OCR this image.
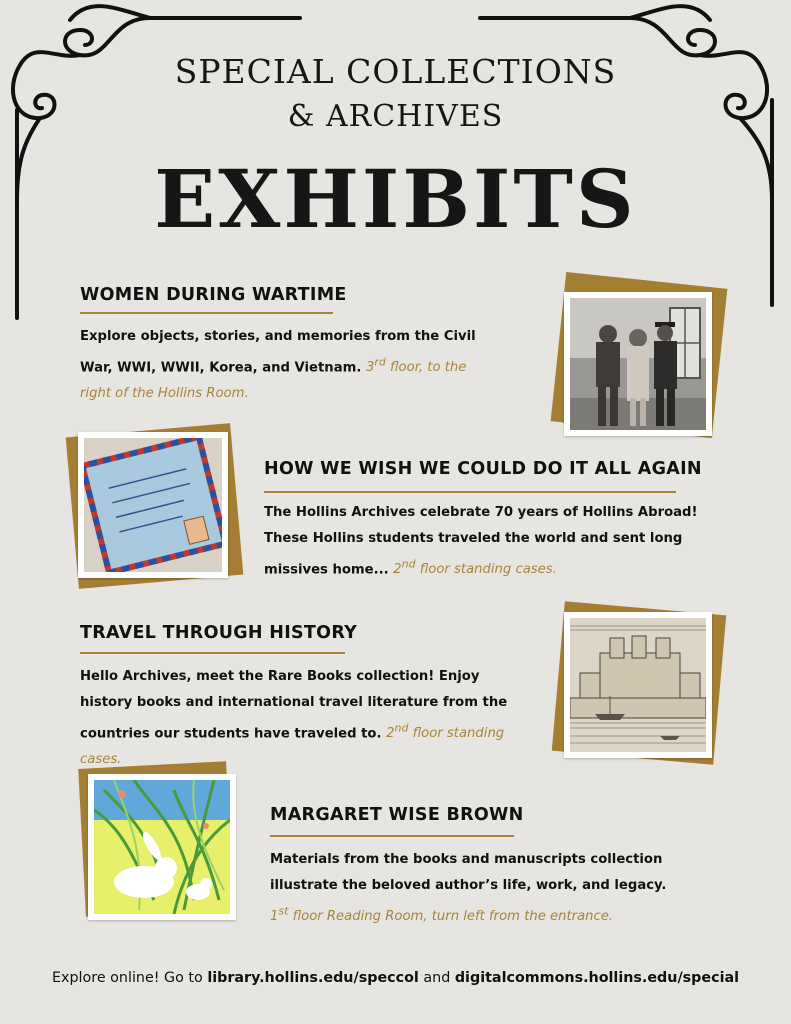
SPECIAL COLLECTIONS
& ARCHIVES
EXHIBITS
WOMEN DURING WARTIME
Explore objects, stories, and memories from the Civil War, WWI, WWII, Korea, and Vietnam. 3rd floor, to the right of the Hollins Room.
HOW WE WISH WE COULD DO IT ALL AGAIN
The Hollins Archives celebrate 70 years of Hollins Abroad! These Hollins students traveled the world and sent long missives home... 2nd floor standing cases.
TRAVEL THROUGH HISTORY
Hello Archives, meet the Rare Books collection! Enjoy history books and international travel literature from the countries our students have traveled to. 2nd floor standing cases.
MARGARET WISE BROWN
Materials from the books and manuscripts collection illustrate the beloved author’s life, work, and legacy.
1st floor Reading Room, turn left from the entrance.
Explore online! Go to library.hollins.edu/speccol and digitalcommons.hollins.edu/special
